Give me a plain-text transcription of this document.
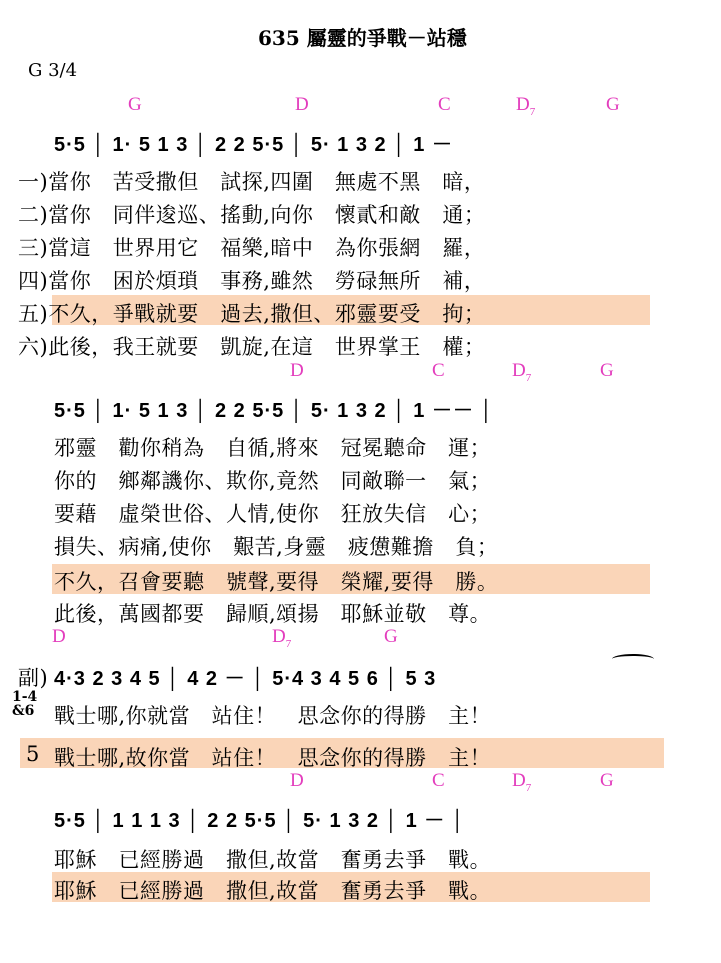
635 屬靈的爭戰－站穩
G 3/4
G	D	C	$D_7$	G
5·5 │ 1· 5 1 3 │ 2 2 5·5 │ 5· 1 3 2 │ 1 －
一)當你　苦受撒但　試探,四圍　無處不黑　暗，
二)當你　同伴逡巡、搖動,向你　懷貳和敵　通；
三)當這　世界用它　福樂,暗中　為你張網　羅，
四)當你　困於煩瑣　事務,雖然　勞碌無所　補，
五)不久，爭戰就要　過去,撒但、邪靈要受　拘；
六)此後，我王就要　凱旋,在這　世界掌王　權；
D	C	$D_7$	G
5·5 │ 1· 5 1 3 │ 2 2 5·5 │ 5· 1 3 2 │ 1 －－ │
邪靈　勸你稍為　自循,將來　冠冕聽命　運；
你的　鄉鄰譏你、欺你,竟然　同敵聯一　氣；
要藉　虛榮世俗、人情,使你　狂放失信　心；
損失、病痛,使你　艱苦,身靈　疲憊難擔　負；
不久，召會要聽　號聲,要得　榮耀,要得　勝。
此後，萬國都要　歸順,頌揚　耶穌並敬　尊。
D	$D_7$	G
副) 4·3 2 3 4 5 │ 4 2 － │ 5·4 3 4 5 6 │ 5 3
1-4
&6 戰士哪,你就當　站住！　思念你的得勝　主！
5 戰士哪,故你當　站住！　思念你的得勝　主！
D	C	$D_7$	G
5·5 │ 1 1 1 3 │ 2 2 5·5 │ 5· 1 3 2 │ 1 － │
耶穌　已經勝過　撒但,故當　奮勇去爭　戰。
耶穌　已經勝過　撒但,故當　奮勇去爭　戰。
